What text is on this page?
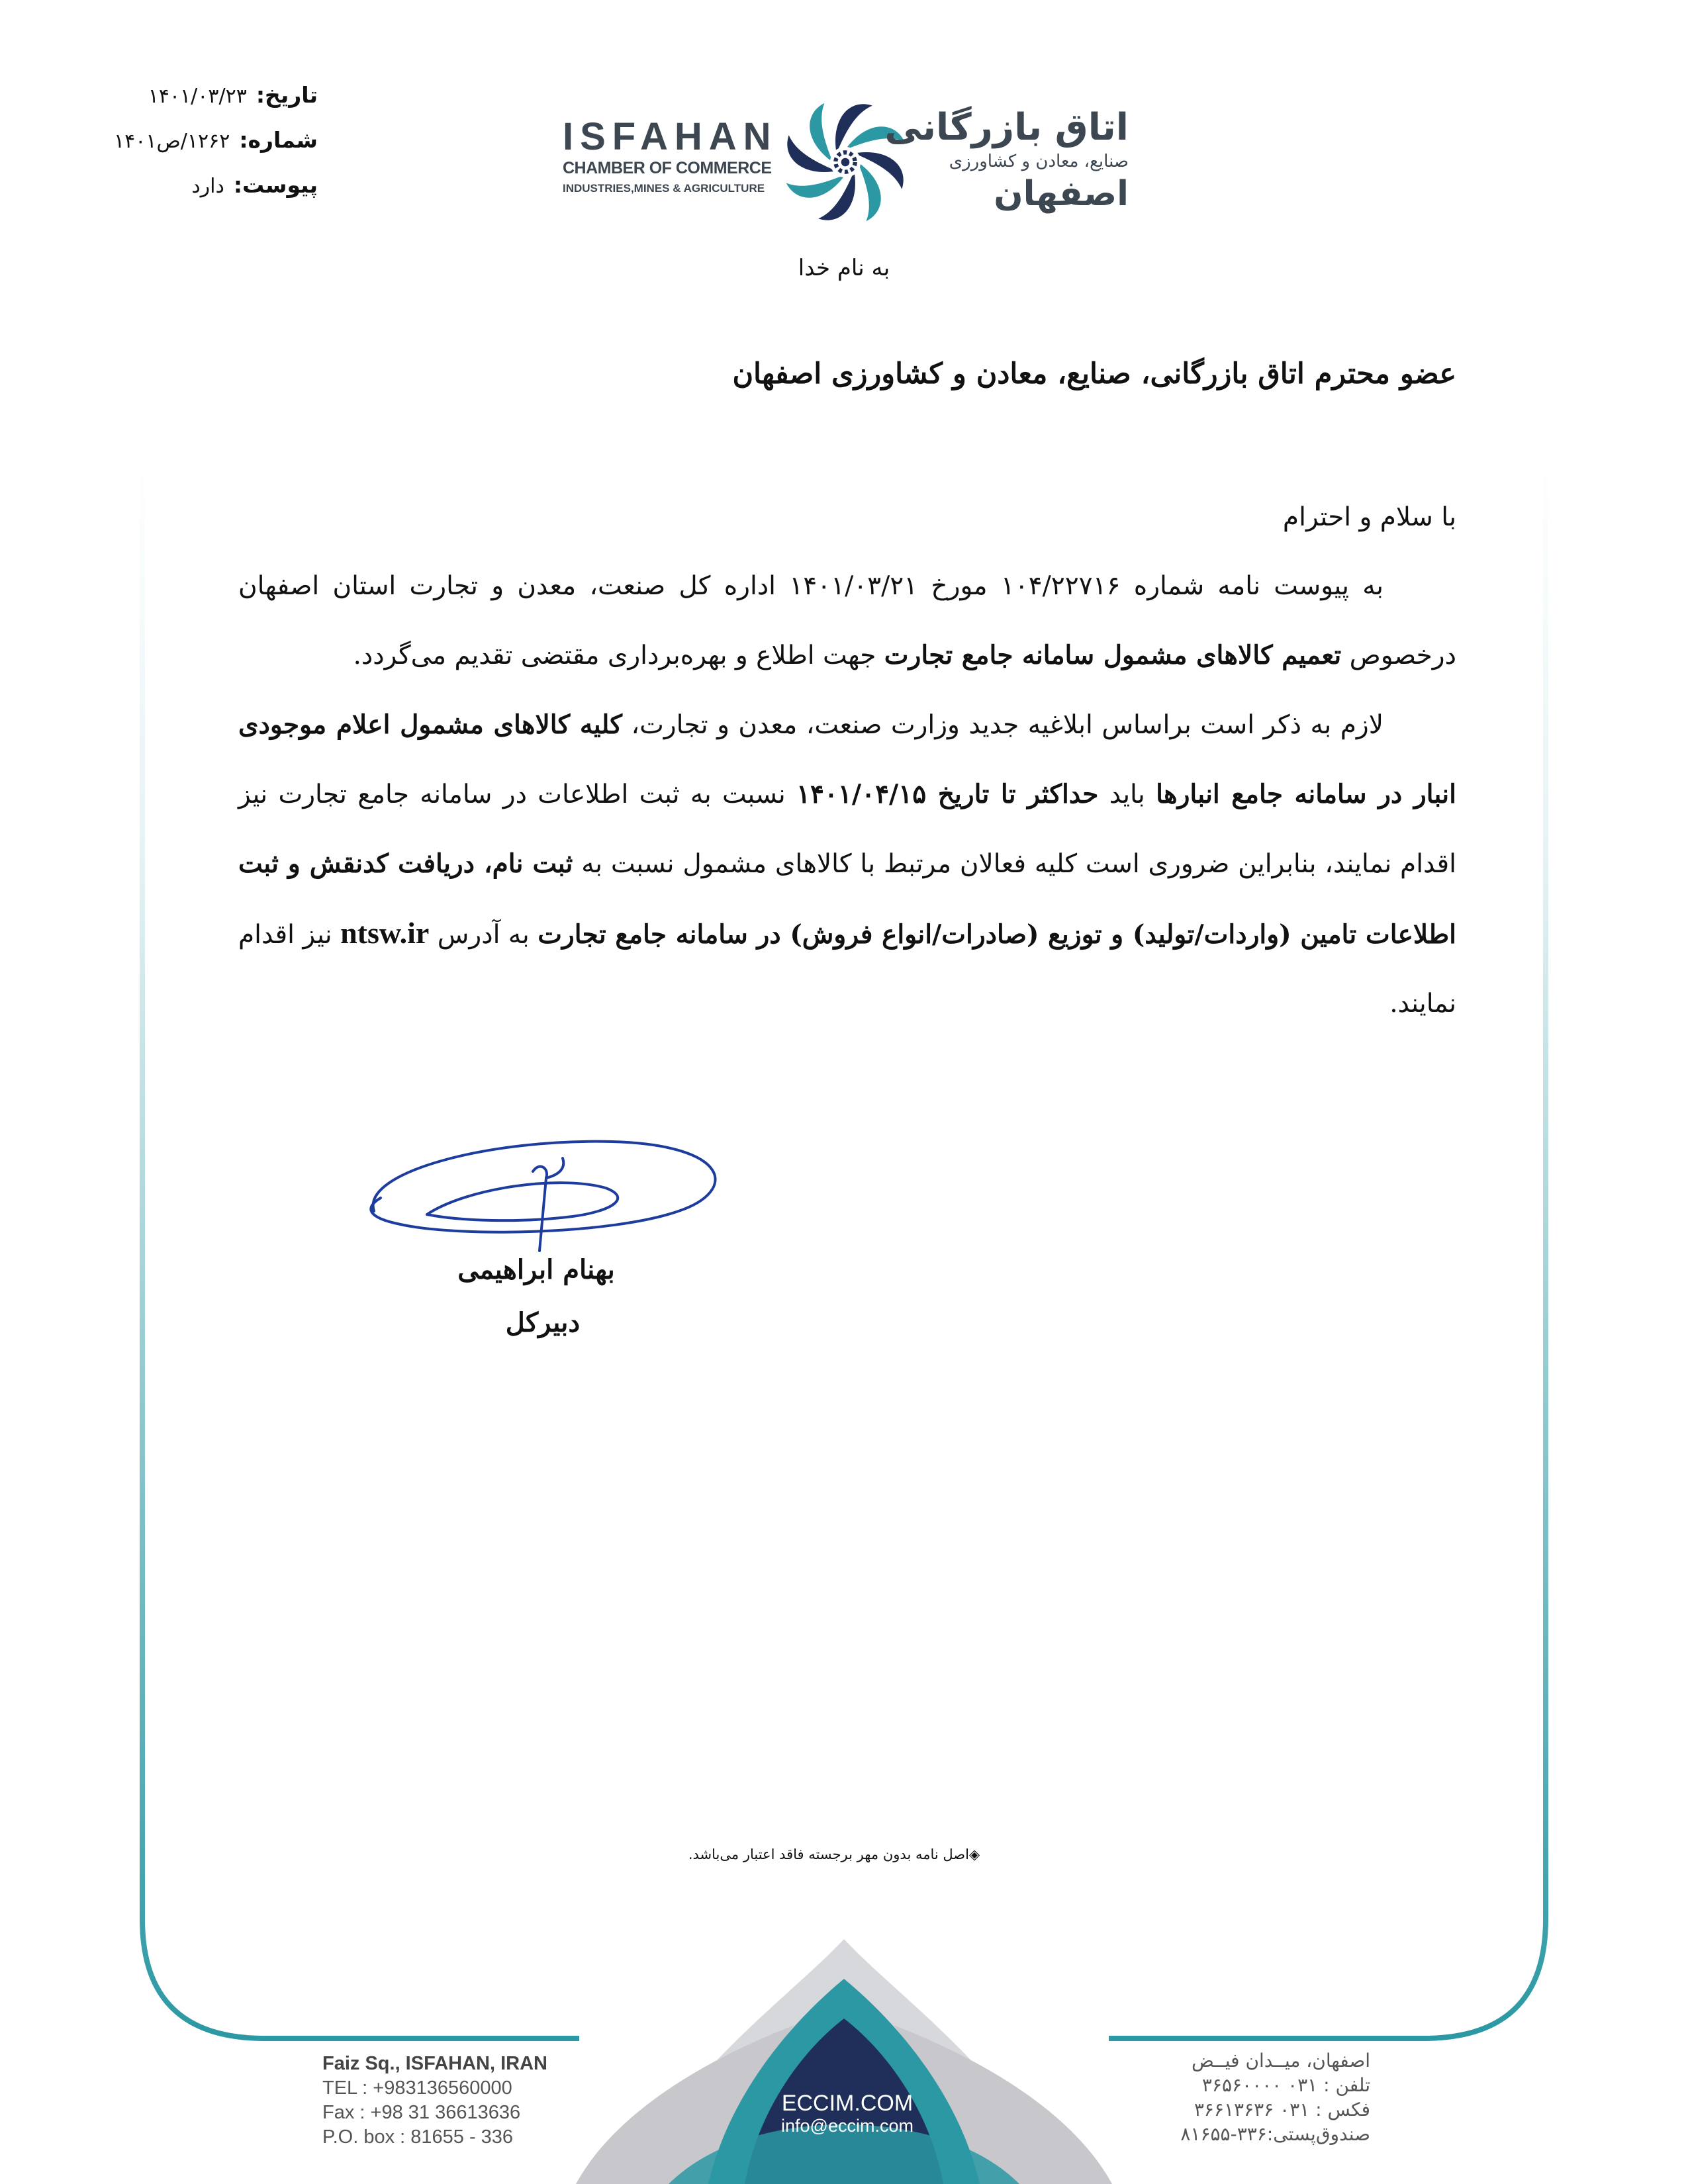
تاریخ:۱۴۰۱/۰۳/۲۳
شماره:۱۲۶۲/ص۱۴۰۱
پیوست:دارد
ISFAHAN
CHAMBER OF COMMERCE
INDUSTRIES,MINES & AGRICULTURE
اتاق بازرگانی
صنایع، معادن و کشاورزی
اصفهان
به نام خدا
عضو محترم اتاق بازرگانی، صنایع، معادن و کشاورزی اصفهان

با سلام و احترام

به پیوست نامه شماره ۱۰۴/۲۲۷۱۶ مورخ ۱۴۰۱/۰۳/۲۱ اداره کل صنعت، معدن و تجارت استان اصفهان درخصوص تعمیم کالاهای مشمول سامانه جامع تجارت جهت اطلاع و بهره‌برداری مقتضی تقدیم می‌گردد.

لازم به ذکر است براساس ابلاغیه جدید وزارت صنعت، معدن و تجارت، کلیه کالاهای مشمول اعلام موجودی انبار در سامانه جامع انبارها باید حداکثر تا تاریخ ۱۴۰۱/۰۴/۱۵ نسبت به ثبت اطلاعات در سامانه جامع تجارت نیز اقدام نمایند، بنابراین ضروری است کلیه فعالان مرتبط با کالاهای مشمول نسبت به ثبت نام، دریافت کدنقش و ثبت اطلاعات تامین (واردات/تولید) و توزیع (صادرات/انواع فروش) در سامانه جامع تجارت به آدرس ntsw.ir نیز اقدام نمایند.

بهنام ابراهیمی
دبیرکل
◈اصل نامه بدون مهر برجسته فاقد اعتبار می‌باشد.
ECCIM.COM
info@eccim.com
Faiz Sq., ISFAHAN, IRAN
TEL : +983136560000
Fax : +98 31 36613636
P.O. box : 81655 - 336
اصفهان، میــدان فیــض
تلفن : ۰۳۱ ۳۶۵۶۰۰۰۰
فکس : ۰۳۱ ۳۶۶۱۳۶۳۶
صندوق‌پستی:۳۳۶-۸۱۶۵۵
